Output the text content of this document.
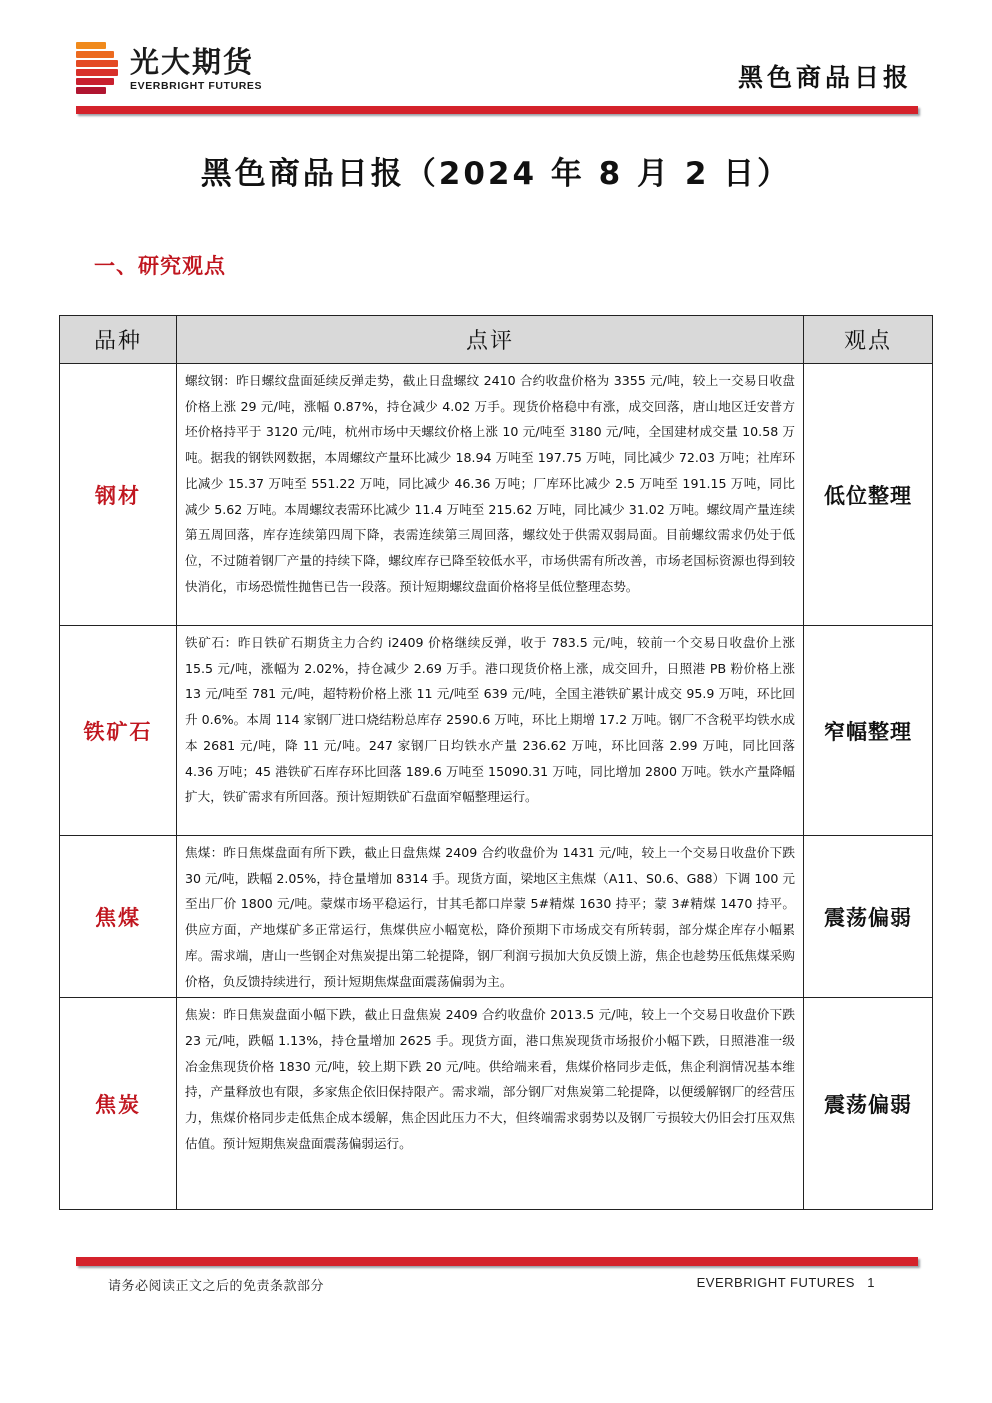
光大期货
EVERBRIGHT FUTURES	黑色商品日报
黑色商品日报（2024 年 8 月 2 日）
一、研究观点
品种	点评	观点
钢材	螺纹钢：昨日螺纹盘面延续反弹走势，截止日盘螺纹 2410 合约收盘价格为 3355 元/吨，较上一交易日收盘价格上涨 29 元/吨，涨幅 0.87%，持仓减少 4.02 万手。现货价格稳中有涨，成交回落，唐山地区迁安普方坯价格持平于 3120 元/吨，杭州市场中天螺纹价格上涨 10 元/吨至 3180 元/吨，全国建材成交量 10.58 万吨。据我的钢铁网数据，本周螺纹产量环比减少 18.94 万吨至 197.75 万吨，同比减少 72.03 万吨；社库环比减少 15.37 万吨至 551.22 万吨，同比减少 46.36 万吨；厂库环比减少 2.5 万吨至 191.15 万吨，同比减少 5.62 万吨。本周螺纹表需环比减少 11.4 万吨至 215.62 万吨，同比减少 31.02 万吨。螺纹周产量连续第五周回落，库存连续第四周下降，表需连续第三周回落，螺纹处于供需双弱局面。目前螺纹需求仍处于低位，不过随着钢厂产量的持续下降，螺纹库存已降至较低水平，市场供需有所改善，市场老国标资源也得到较快消化，市场恐慌性抛售已告一段落。预计短期螺纹盘面价格将呈低位整理态势。	低位整理
铁矿石	铁矿石：昨日铁矿石期货主力合约 i2409 价格继续反弹，收于 783.5 元/吨，较前一个交易日收盘价上涨 15.5 元/吨，涨幅为 2.02%，持仓减少 2.69 万手。港口现货价格上涨，成交回升，日照港 PB 粉价格上涨 13 元/吨至 781 元/吨，超特粉价格上涨 11 元/吨至 639 元/吨，全国主港铁矿累计成交 95.9 万吨，环比回升 0.6%。本周 114 家钢厂进口烧结粉总库存 2590.6 万吨，环比上期增 17.2 万吨。钢厂不含税平均铁水成本 2681 元/吨，降 11 元/吨。247 家钢厂日均铁水产量 236.62 万吨，环比回落 2.99 万吨，同比回落 4.36 万吨；45 港铁矿石库存环比回落 189.6 万吨至 15090.31 万吨，同比增加 2800 万吨。铁水产量降幅扩大，铁矿需求有所回落。预计短期铁矿石盘面窄幅整理运行。	窄幅整理
焦煤	焦煤：昨日焦煤盘面有所下跌，截止日盘焦煤 2409 合约收盘价为 1431 元/吨，较上一个交易日收盘价下跌 30 元/吨，跌幅 2.05%，持仓量增加 8314 手。现货方面，梁地区主焦煤（A11、S0.6、G88）下调 100 元至出厂价 1800 元/吨。蒙煤市场平稳运行，甘其毛都口岸蒙 5#精煤 1630 持平；蒙 3#精煤 1470 持平。供应方面，产地煤矿多正常运行，焦煤供应小幅宽松，降价预期下市场成交有所转弱，部分煤企库存小幅累库。需求端，唐山一些钢企对焦炭提出第二轮提降，钢厂利润亏损加大负反馈上游，焦企也趁势压低焦煤采购价格，负反馈持续进行，预计短期焦煤盘面震荡偏弱为主。	震荡偏弱
焦炭	焦炭：昨日焦炭盘面小幅下跌，截止日盘焦炭 2409 合约收盘价 2013.5 元/吨，较上一个交易日收盘价下跌 23 元/吨，跌幅 1.13%，持仓量增加 2625 手。现货方面，港口焦炭现货市场报价小幅下跌，日照港准一级冶金焦现货价格 1830 元/吨，较上期下跌 20 元/吨。供给端来看，焦煤价格同步走低，焦企利润情况基本维持，产量释放也有限，多家焦企依旧保持限产。需求端，部分钢厂对焦炭第二轮提降，以便缓解钢厂的经营压力，焦煤价格同步走低焦企成本缓解，焦企因此压力不大，但终端需求弱势以及钢厂亏损较大仍旧会打压双焦估值。预计短期焦炭盘面震荡偏弱运行。	震荡偏弱
请务必阅读正文之后的免责条款部分	EVERBRIGHT FUTURES 1
